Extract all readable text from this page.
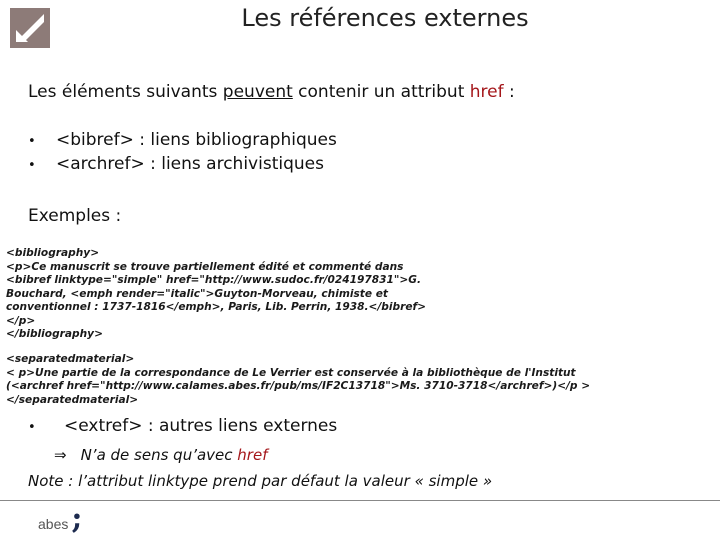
Les références externes
Les éléments suivants peuvent contenir un attribut href :
•	<bibref> : liens bibliographiques
•	<archref> : liens archivistiques
Exemples :
<bibliography>
<p>Ce manuscrit se trouve partiellement édité et commenté dans
<bibref linktype="simple" href="http://www.sudoc.fr/024197831">G.
Bouchard, <emph render="italic">Guyton-Morveau, chimiste et
conventionnel : 1737-1816</emph>, Paris, Lib. Perrin, 1938.</bibref>
</p>
</bibliography>
<separatedmaterial>
< p>Une partie de la correspondance de Le Verrier est conservée à la bibliothèque de l'Institut
(<archref href="http://www.calames.abes.fr/pub/ms/IF2C13718">Ms. 3710-3718</archref>)</p >
</separatedmaterial>
•	<extref> : autres liens externes
⇒ N’a de sens qu’avec href
Note : l’attribut linktype prend par défaut la valeur « simple »
abes ;
